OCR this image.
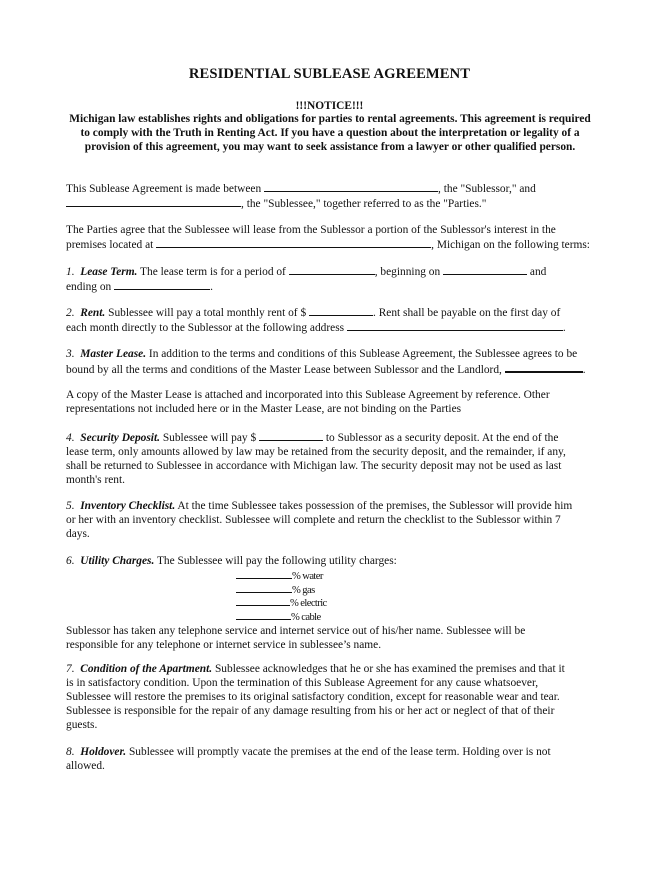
RESIDENTIAL SUBLEASE AGREEMENT
!!!NOTICE!!!
Michigan law establishes rights and obligations for parties to rental agreements. This agreement is required
to comply with the Truth in Renting Act. If you have a question about the interpretation or legality of a
provision of this agreement, you may want to seek assistance from a lawyer or other qualified person.
This Sublease Agreement is made between	, the "Sublessor," and
, the "Sublessee," together referred to as the "Parties."
The Parties agree that the Sublessee will lease from the Sublessor a portion of the Sublessor's interest in the
premises located at	, Michigan on the following terms:
1. Lease Term. The lease term is for a period of	, beginning on	and
ending on	.
2. Rent. Sublessee will pay a total monthly rent of $	. Rent shall be payable on the first day of
each month directly to the Sublessor at the following address	.
3. Master Lease. In addition to the terms and conditions of this Sublease Agreement, the Sublessee agrees to be
bound by all the terms and conditions of the Master Lease between Sublessor and the Landlord,	.
A copy of the Master Lease is attached and incorporated into this Sublease Agreement by reference. Other
representations not included here or in the Master Lease, are not binding on the Parties
4. Security Deposit. Sublessee will pay $	to Sublessor as a security deposit. At the end of the
lease term, only amounts allowed by law may be retained from the security deposit, and the remainder, if any,
shall be returned to Sublessee in accordance with Michigan law. The security deposit may not be used as last
month's rent.
5. Inventory Checklist. At the time Sublessee takes possession of the premises, the Sublessor will provide him
or her with an inventory checklist. Sublessee will complete and return the checklist to the Sublessor within 7
days.
6. Utility Charges. The Sublessee will pay the following utility charges:
% water
% gas
% electric
% cable
Sublessor has taken any telephone service and internet service out of his/her name. Sublessee will be
responsible for any telephone or internet service in sublessee’s name.
7. Condition of the Apartment. Sublessee acknowledges that he or she has examined the premises and that it
is in satisfactory condition. Upon the termination of this Sublease Agreement for any cause whatsoever,
Sublessee will restore the premises to its original satisfactory condition, except for reasonable wear and tear.
Sublessee is responsible for the repair of any damage resulting from his or her act or neglect of that of their
guests.
8. Holdover. Sublessee will promptly vacate the premises at the end of the lease term. Holding over is not
allowed.
